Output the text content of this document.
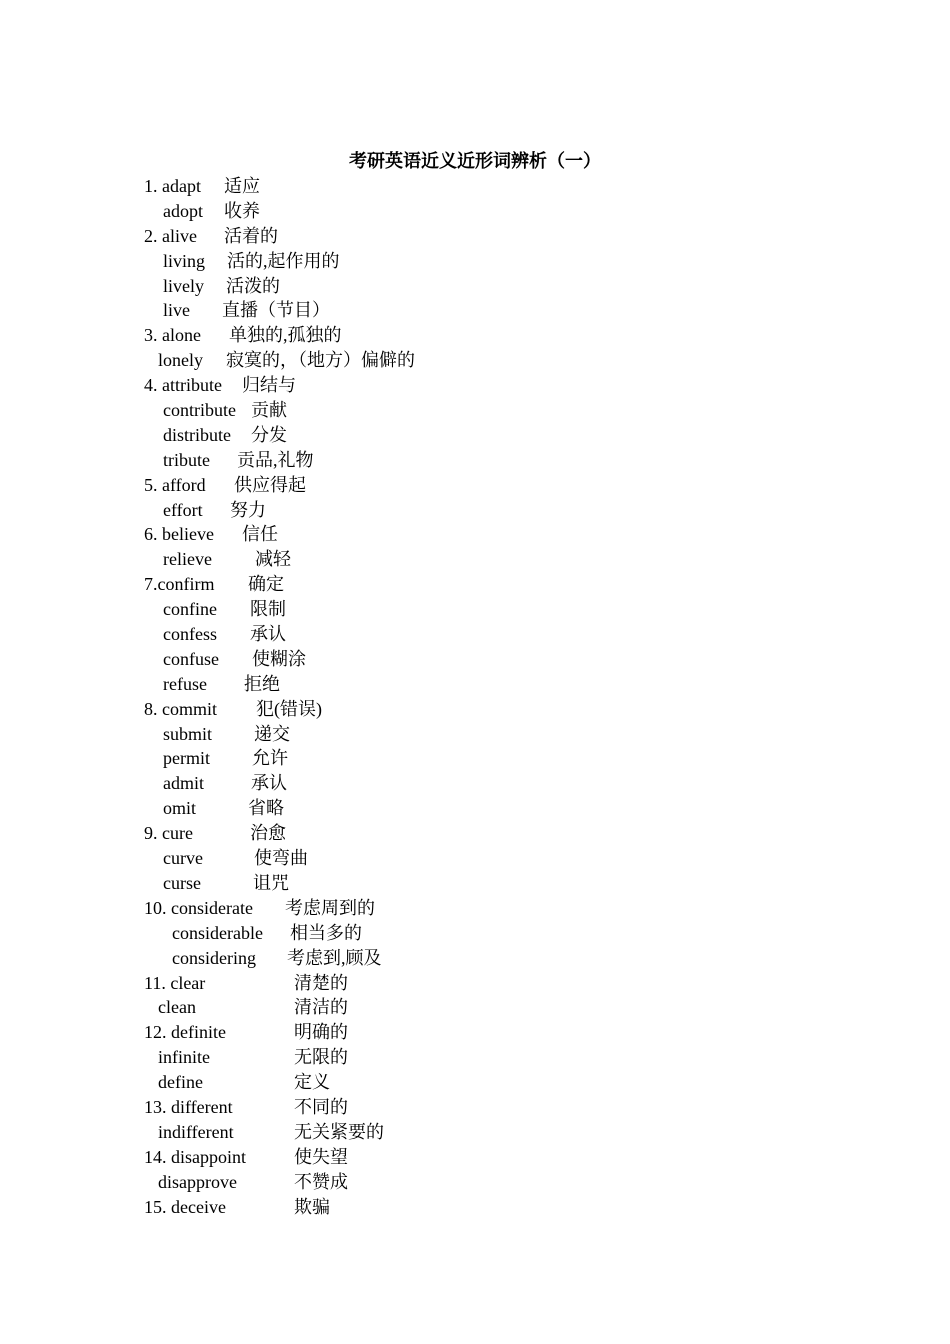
考研英语近义近形词辨析（一）
1. adapt 适应
adopt 收养
2. alive 活着的
living 活的,起作用的
lively 活泼的
live 直播（节目）
3. alone 单独的,孤独的
lonely 寂寞的，（地方）偏僻的
4. attribute 归结与
contribute 贡献
distribute 分发
tribute 贡品,礼物
5. afford 供应得起
effort 努力
6. believe 信任
relieve 减轻
7.confirm 确定
confine 限制
confess 承认
confuse 使糊涂
refuse 拒绝
8. commit 犯(错误)
submit 递交
permit 允许
admit	承认
omit	省略
9. cure	治愈
curve	使弯曲
curse	诅咒
10. considerate 考虑周到的
considerable 相当多的
considering 考虑到,顾及
11. clear	清楚的
clean	清洁的
12. definite	明确的
infinite	无限的
define	定义
13. different	不同的
indifferent	无关紧要的
14. disappoint	使失望
disapprove	不赞成
15. deceive	欺骗
